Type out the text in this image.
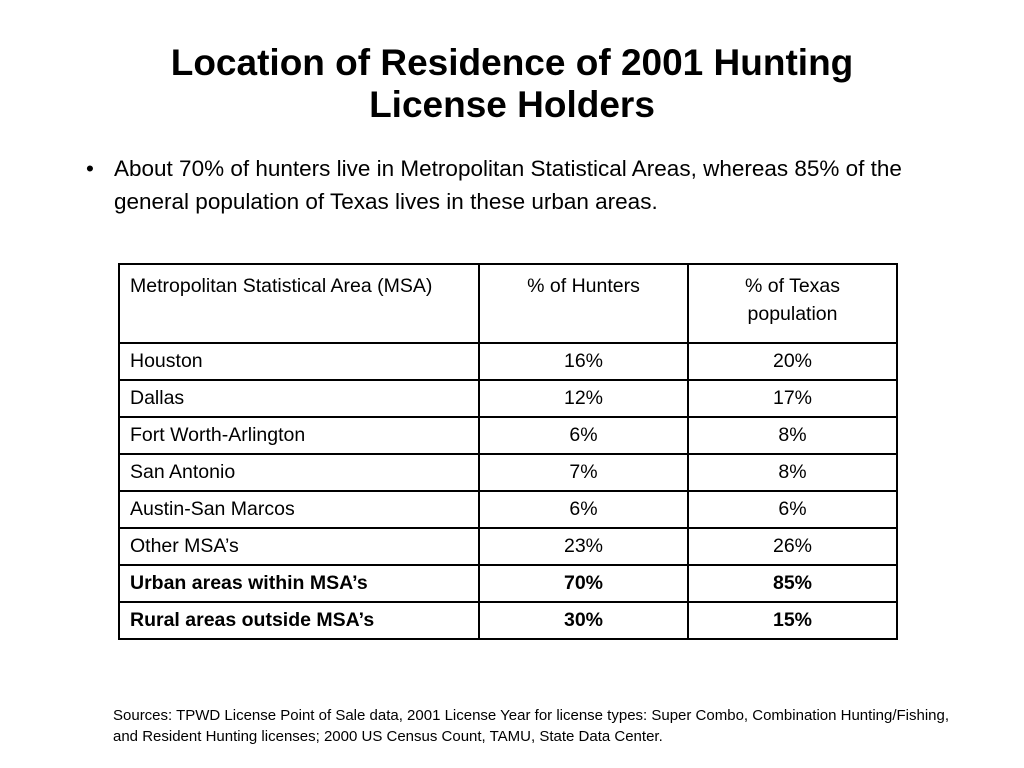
Location of Residence of 2001 Hunting
License Holders
• About 70% of hunters live in Metropolitan Statistical Areas, whereas 85% of the general population of Texas lives in these urban areas.
Metropolitan Statistical Area (MSA)	% of Hunters	% of Texas population
Houston	16%	20%
Dallas	12%	17%
Fort Worth-Arlington	6%	8%
San Antonio	7%	8%
Austin-San Marcos	6%	6%
Other MSA’s	23%	26%
Urban areas within MSA’s	70%	85%
Rural areas outside MSA’s	30%	15%
Sources: TPWD License Point of Sale data, 2001 License Year for license types: Super Combo, Combination Hunting/Fishing, and Resident Hunting licenses; 2000 US Census Count, TAMU, State Data Center.
